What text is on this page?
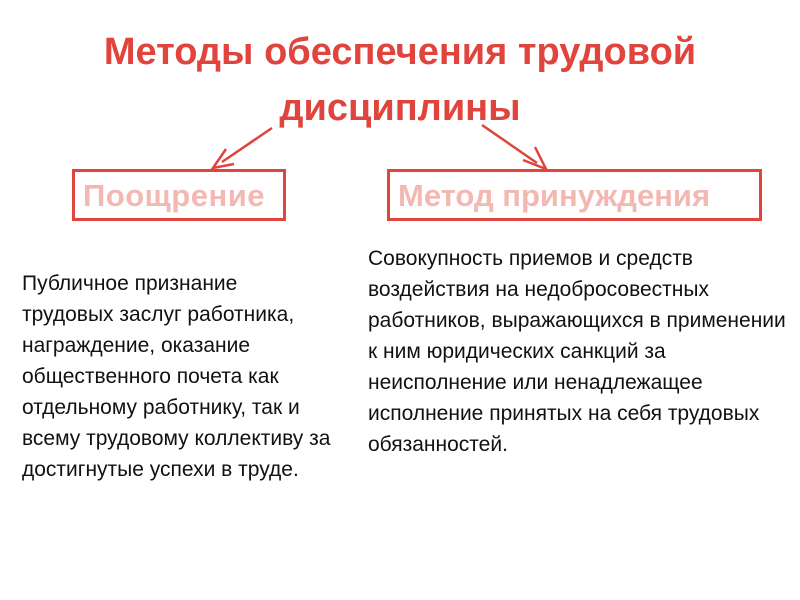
Методы обеспечения трудовой
дисциплины
Поощрение	Метод принуждения

Публичное признание трудовых заслуг работника, награждение, оказание общественного почета как отдельному работнику, так и всему трудовому коллективу за достигнутые успехи в труде.

Совокупность приемов и средств воздействия на недобросовестных работников, выражающихся в применении к ним юридических санкций за неисполнение или ненадлежащее исполнение принятых на себя трудовых обязанностей.
